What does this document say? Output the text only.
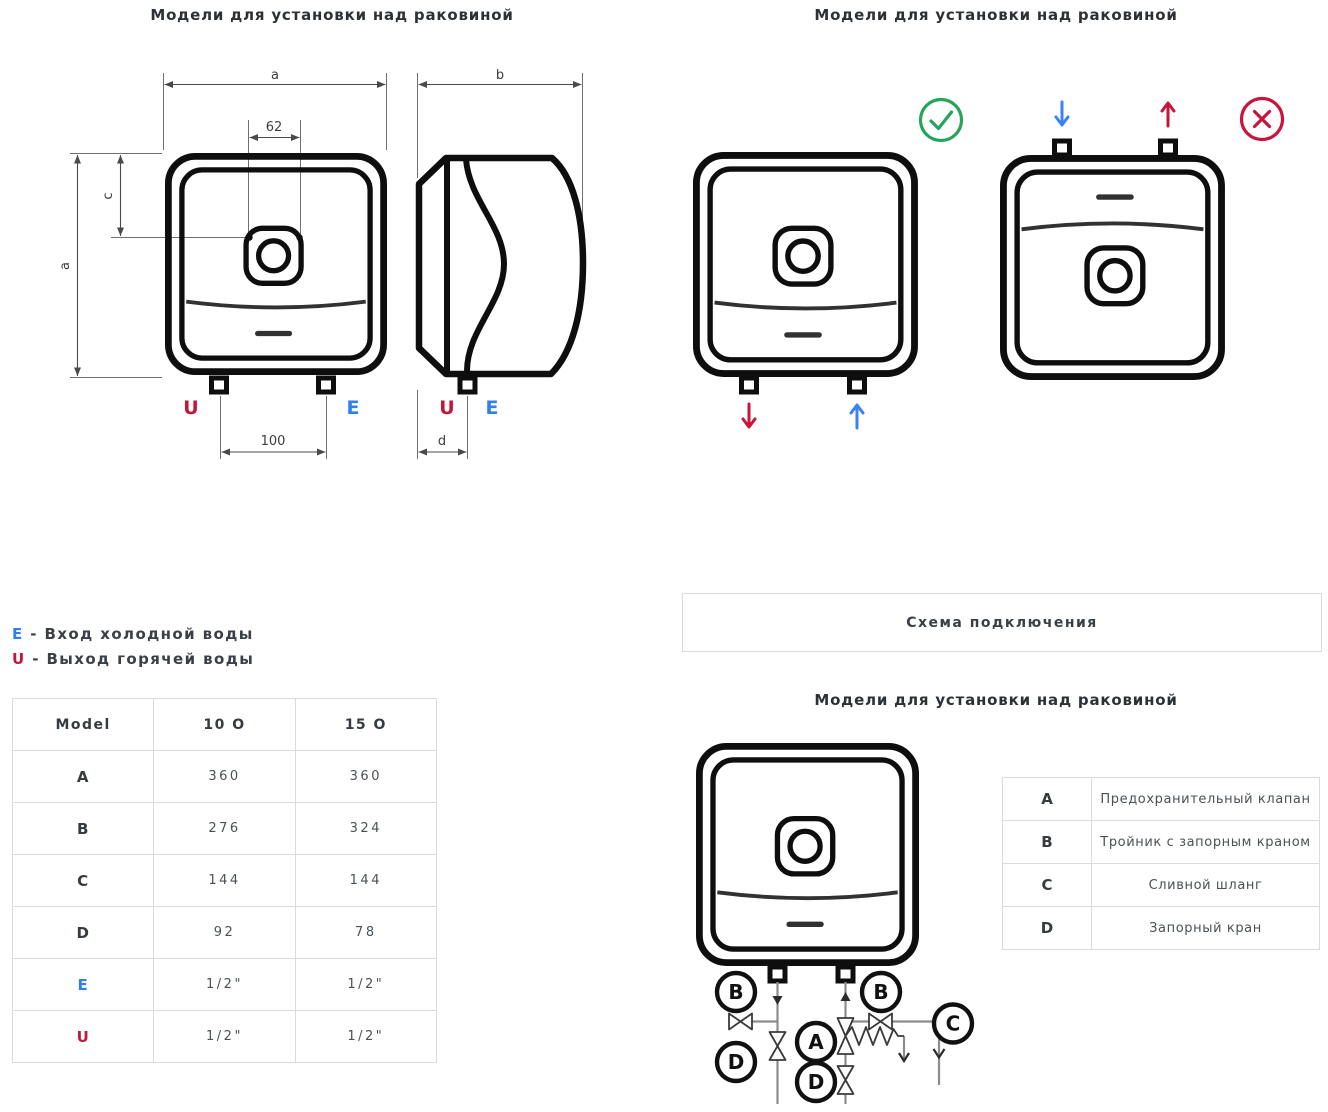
Модели для установки над раковиной	Модели для установки над раковиной
a
62
c
a
U	E
100
b
U E
d
E - Вход холодной воды
U - Выход горячей воды
Model	10 O	15 O
A	360	360
B	276	324
C	144	144
D	92	78
E	1/2"	1/2"
U	1/2"	1/2"
Схема подключения
Модели для установки над раковиной
B	B
A
C
D
D
A	Предохранительный клапан
B	Тройник с запорным краном
C	Сливной шланг
D	Запорный кран
